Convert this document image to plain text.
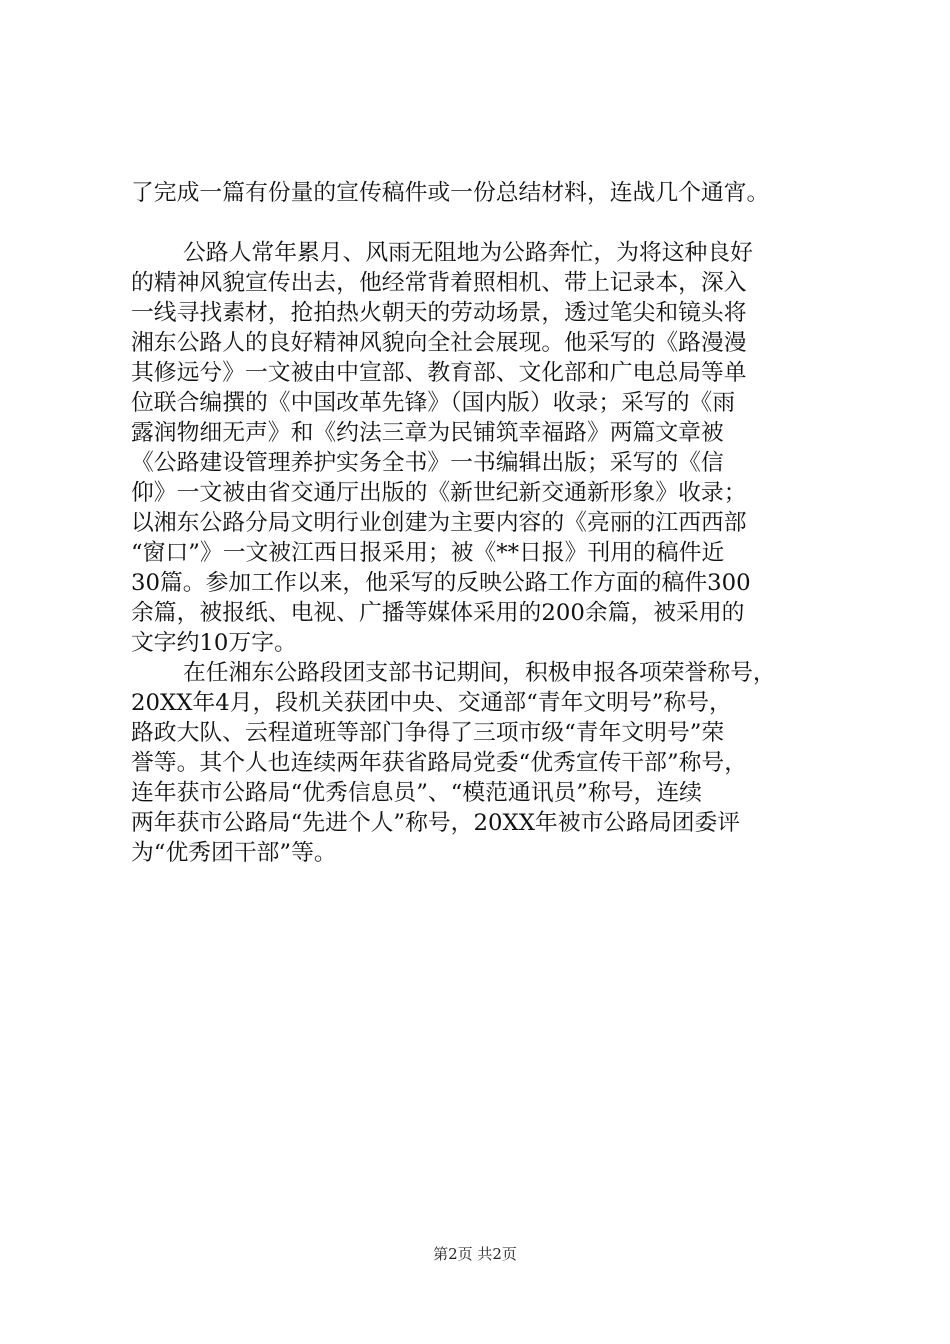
了完成一篇有份量的宣传稿件或一份总结材料，连战几个通宵。
公路人常年累月、风雨无阻地为公路奔忙，为将这种良好
的精神风貌宣传出去，他经常背着照相机、带上记录本，深入
一线寻找素材，抢拍热火朝天的劳动场景，透过笔尖和镜头将
湘东公路人的良好精神风貌向全社会展现。他采写的《路漫漫
其修远兮》一文被由中宣部、教育部、文化部和广电总局等单
位联合编撰的《中国改革先锋》（国内版）收录；采写的《雨
露润物细无声》和《约法三章为民铺筑幸福路》两篇文章被
《公路建设管理养护实务全书》一书编辑出版；采写的《信
仰》一文被由省交通厅出版的《新世纪新交通新形象》收录；
以湘东公路分局文明行业创建为主要内容的《亮丽的江西西部
“窗口”》一文被江西日报采用；被《**日报》刊用的稿件近
30篇。参加工作以来，他采写的反映公路工作方面的稿件300
余篇，被报纸、电视、广播等媒体采用的200余篇，被采用的
文字约10万字。
在任湘东公路段团支部书记期间，积极申报各项荣誉称号，
20XX年4月，段机关获团中央、交通部“青年文明号”称号，
路政大队、云程道班等部门争得了三项市级“青年文明号”荣
誉等。其个人也连续两年获省路局党委“优秀宣传干部”称号，
连年获市公路局“优秀信息员”、“模范通讯员”称号，连续
两年获市公路局“先进个人”称号，20XX年被市公路局团委评
为“优秀团干部”等。
第2页 共2页
